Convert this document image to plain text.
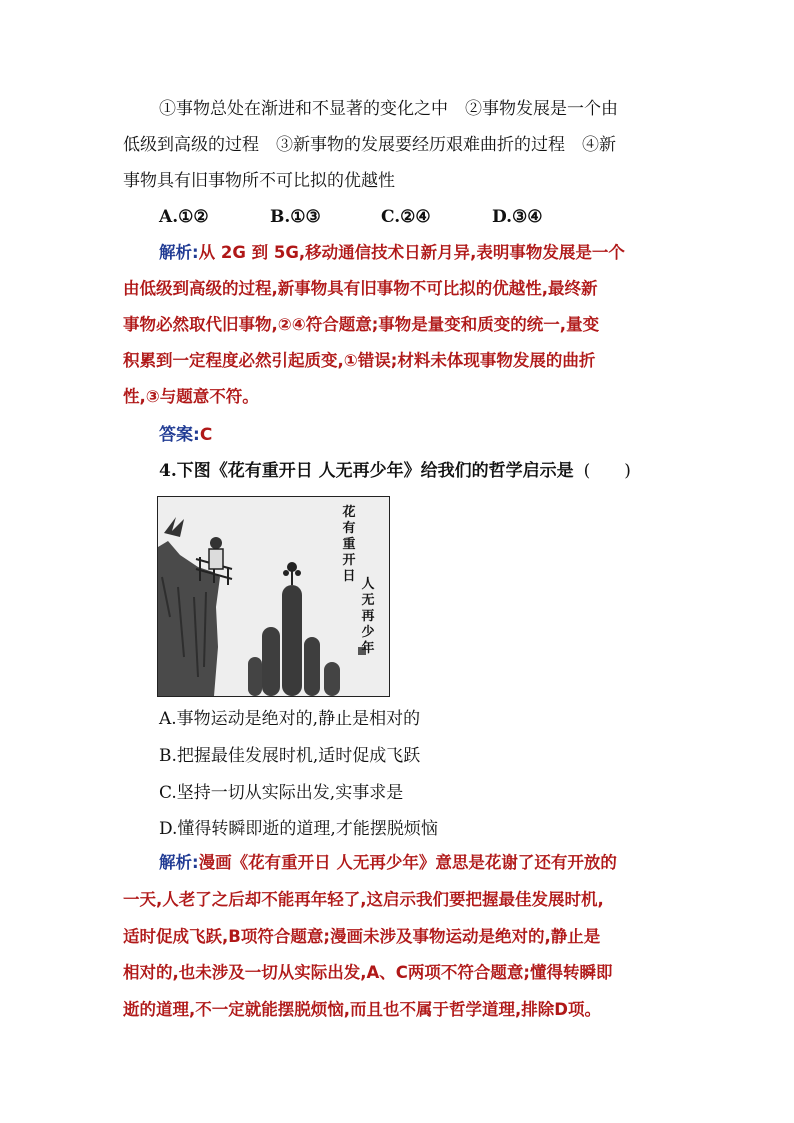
①事物总处在渐进和不显著的变化之中　②事物发展是一个由
低级到高级的过程　③新事物的发展要经历艰难曲折的过程　④新
事物具有旧事物所不可比拟的优越性
A.①②	B.①③	C.②④	D.③④
解析:从 2G 到 5G,移动通信技术日新月异,表明事物发展是一个
由低级到高级的过程,新事物具有旧事物不可比拟的优越性,最终新
事物必然取代旧事物,②④符合题意;事物是量变和质变的统一,量变
积累到一定程度必然引起质变,①错误;材料未体现事物发展的曲折
性,③与题意不符。
答案:C
4.下图《花有重开日 人无再少年》给我们的哲学启示是 (　　)
花
有
重
开
日
人
无
再
少
年
A.事物运动是绝对的,静止是相对的
B.把握最佳发展时机,适时促成飞跃
C.坚持一切从实际出发,实事求是
D.懂得转瞬即逝的道理,才能摆脱烦恼
解析:漫画《花有重开日 人无再少年》意思是花谢了还有开放的
一天,人老了之后却不能再年轻了,这启示我们要把握最佳发展时机,
适时促成飞跃,B项符合题意;漫画未涉及事物运动是绝对的,静止是
相对的,也未涉及一切从实际出发,A、C两项不符合题意;懂得转瞬即
逝的道理,不一定就能摆脱烦恼,而且也不属于哲学道理,排除D项。
